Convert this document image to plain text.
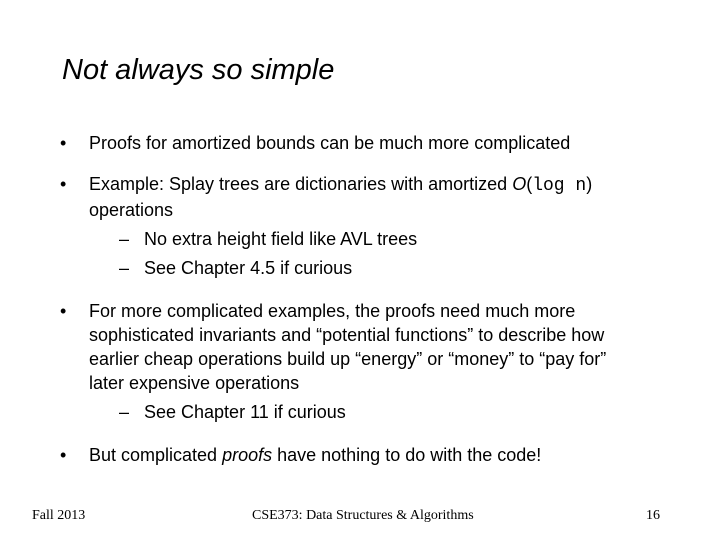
Not always so simple
• Proofs for amortized bounds can be much more complicated
• Example: Splay trees are dictionaries with amortized O(log n)
operations
– No extra height field like AVL trees
– See Chapter 4.5 if curious
• For more complicated examples, the proofs need much more sophisticated invariants and “potential functions” to describe how earlier cheap operations build up “energy” or “money” to “pay for” later expensive operations
– See Chapter 11 if curious
• But complicated proofs have nothing to do with the code!
Fall 2013	CSE373: Data Structures & Algorithms	16
